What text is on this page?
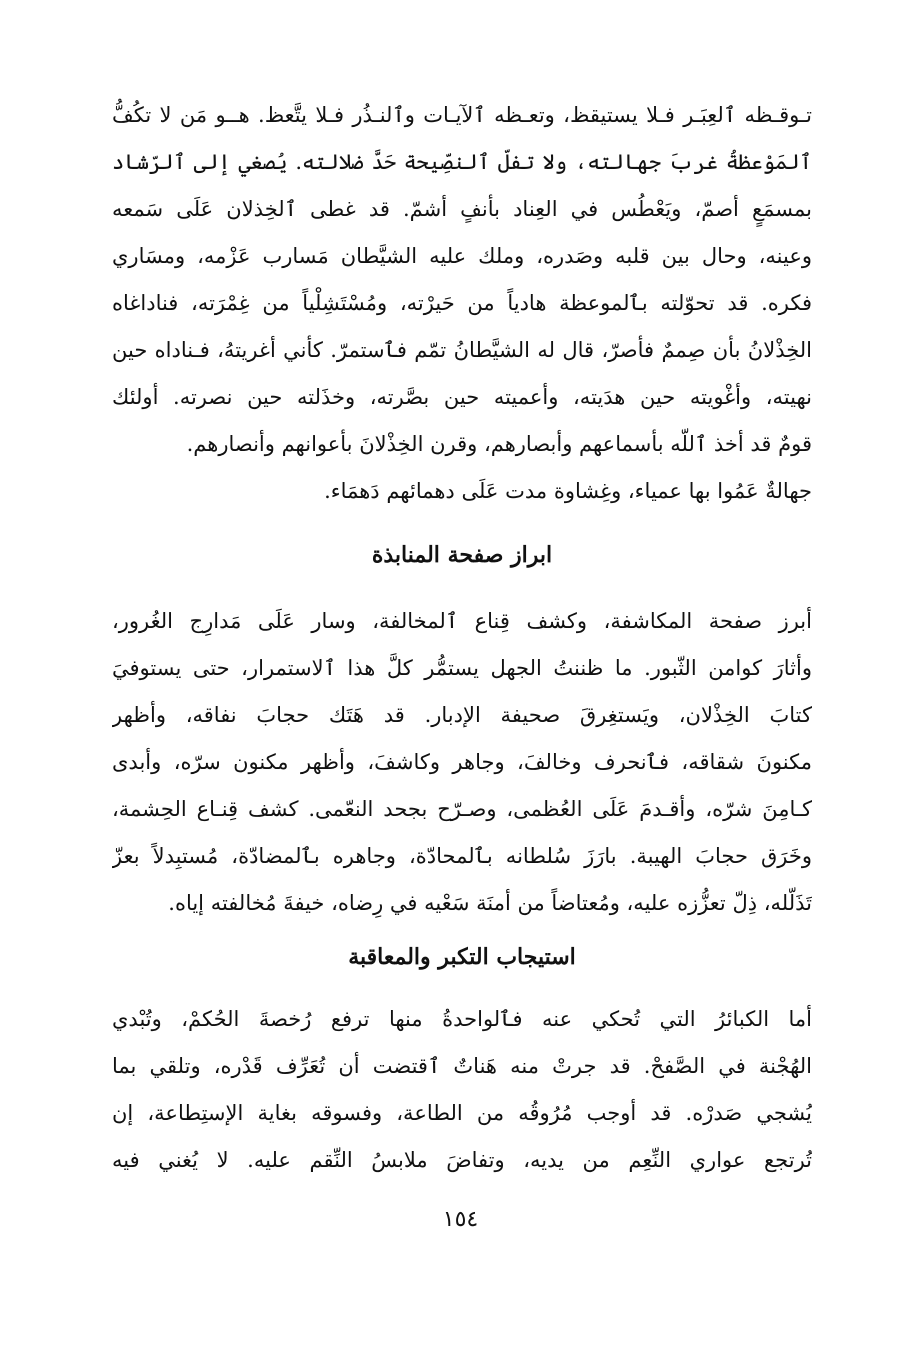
تـوقـظه ٱلعِبَـر فـلا يستيقظ، وتعـظه ٱلآيـات وٱلنـذُر فـلا يتَّعظ. هــو مَن لا تكُفُّ
ٱلمَوْعظةُ غربَ جهالته، ولا تفلّ ٱلنصِّيحة حَدَّ ضلالته. يُصغي إلى ٱلرّشاد
بمسمَعٍ أصمّ، ويَعْطُس في العِناد بأنفٍ أشمّ. قد غطى ٱلخِذلان عَلَى سَمعه
وعينه، وحال بين قلبه وصَدره، وملك عليه الشيَّطان مَسارب عَزْمه، ومسَاري
فكره. قد تحوّلته بٱلموعظة هادياً من حَيرْته، ومُسْتَشِلْياً من غِمْرَته، فناداغاه
الخِذْلانُ بأن صِممٌ فأصرّ، قال له الشيَّطانُ تمّم فٱستمرّ. كأني أغريتهُ، فـناداه حين
نهيته، وأغْويته حين هدَيته، وأعميته حين بصَّرته، وخذَلته حين نصرته. أولئك
قومٌ قد أخذ ٱللّه بأسماعهم وأبصارهم، وقرن الخِذْلانَ بأعوانهم وأنصارهم.
جهالةٌ عَمُوا بها عمياء، وغِشاوة مدت عَلَى دهمائهم دَهمَاء.
ابراز صفحة المنابذة
أبرز صفحة المكاشفة، وكشف قِناع ٱلمخالفة، وسار عَلَى مَدارِج الغُرور،
وأثارَ كوامن الثّبور. ما ظننتُ الجهل يستمُّر كلَّ هذا ٱلاستمرار، حتى يستوفيَ
كتابَ الخِذْلان، ويَستغِرقَ صحيفة الإدبار. قد هَتَك حجابَ نفاقه، وأظهر
مكنونَ شقاقه، فٱنحرف وخالفَ، وجاهر وكاشفَ، وأظهر مكنون سرّه، وأبدى
كـامِنَ شرّه، وأقـدمَ عَلَى العُظمى، وصـرّح بجحد النعّمى. كشف قِنـاع الحِشمة،
وخَرَق حجابَ الهيبة. بارَزَ سُلطانه بٱلمحادّة، وجاهره بٱلمضادّة، مُستبِدلاً بعزّ
تَذَلّله، ذِلّ تعزُّزه عليه، ومُعتاضاً من أمنَة سَعْيه في رِضاه، خيفةَ مُخالفته إياه.
استيجاب التكبر والمعاقبة
أما الكبائرُ التي تُحكي عنه فٱلواحدةُ منها ترفع رُخصةَ الحُكمْ، وتُبْدي
الهُجْنة في الصَّفحْ. قد جرتْ منه هَناتٌ ٱقتضت أن تُعَرِّف قَدْره، وتلقي بما
يُشجي صَدرْه. قد أوجب مُرُوقُه من الطاعة، وفسوقه بغاية الإستِطاعة، إن
تُرتجع عواري النِّعِم من يديه، وتفاضَ ملابسُ النِّقم عليه. لا يُغني فيه
١٥٤
